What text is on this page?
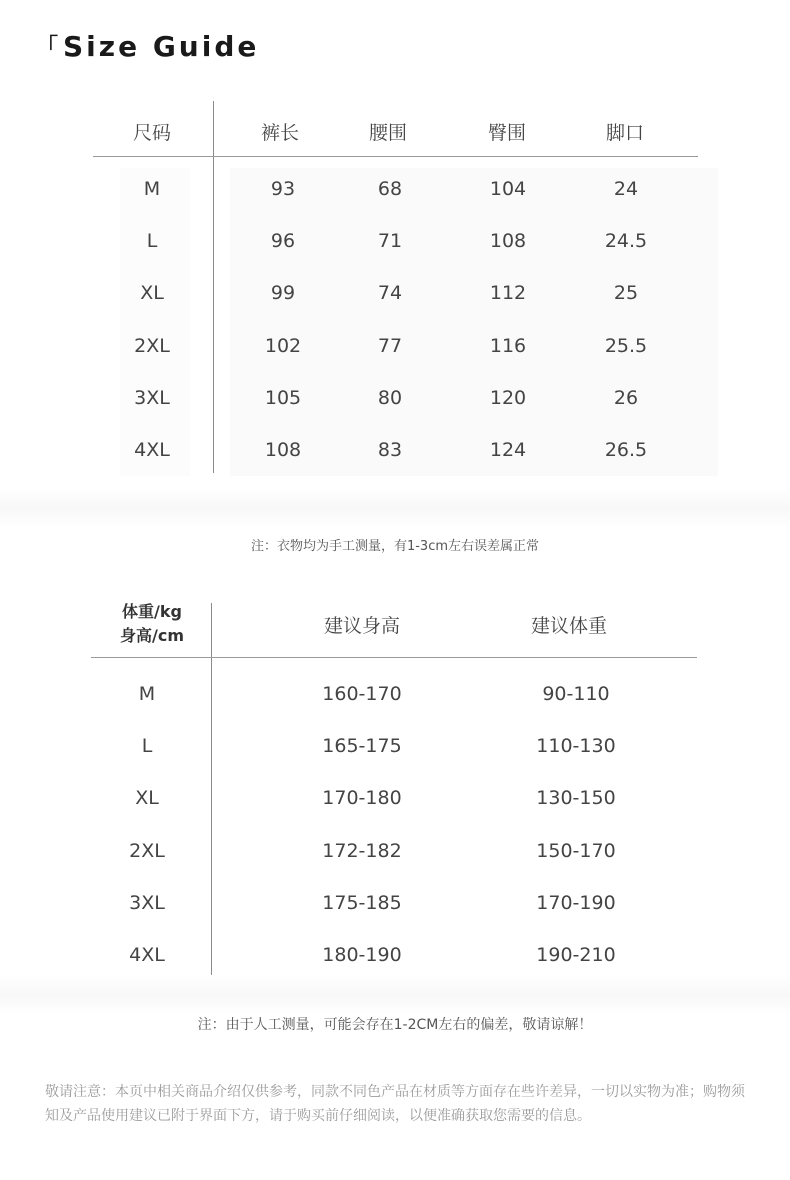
「Size Guide
尺码	裤长	腰围	臀围	脚口
M	93	68	104	24
L	96	71	108	24.5
XL	99	74	112	25
2XL	102	77	116	25.5
3XL	105	80	120	26
4XL	108	83	124	26.5
注：衣物均为手工测量，有1-3cm左右误差属正常
体重/kg
身高/cm	建议身高	建议体重
M	160-170	90-110
L	165-175	110-130
XL	170-180	130-150
2XL	172-182	150-170
3XL	175-185	170-190
4XL	180-190	190-210
注：由于人工测量，可能会存在1-2CM左右的偏差，敬请谅解！
敬请注意：本页中相关商品介绍仅供参考，同款不同色产品在材质等方面存在些许差异，一切以实物为准；购物须知及产品使用建议已附于界面下方，请于购买前仔细阅读，以便准确获取您需要的信息。
